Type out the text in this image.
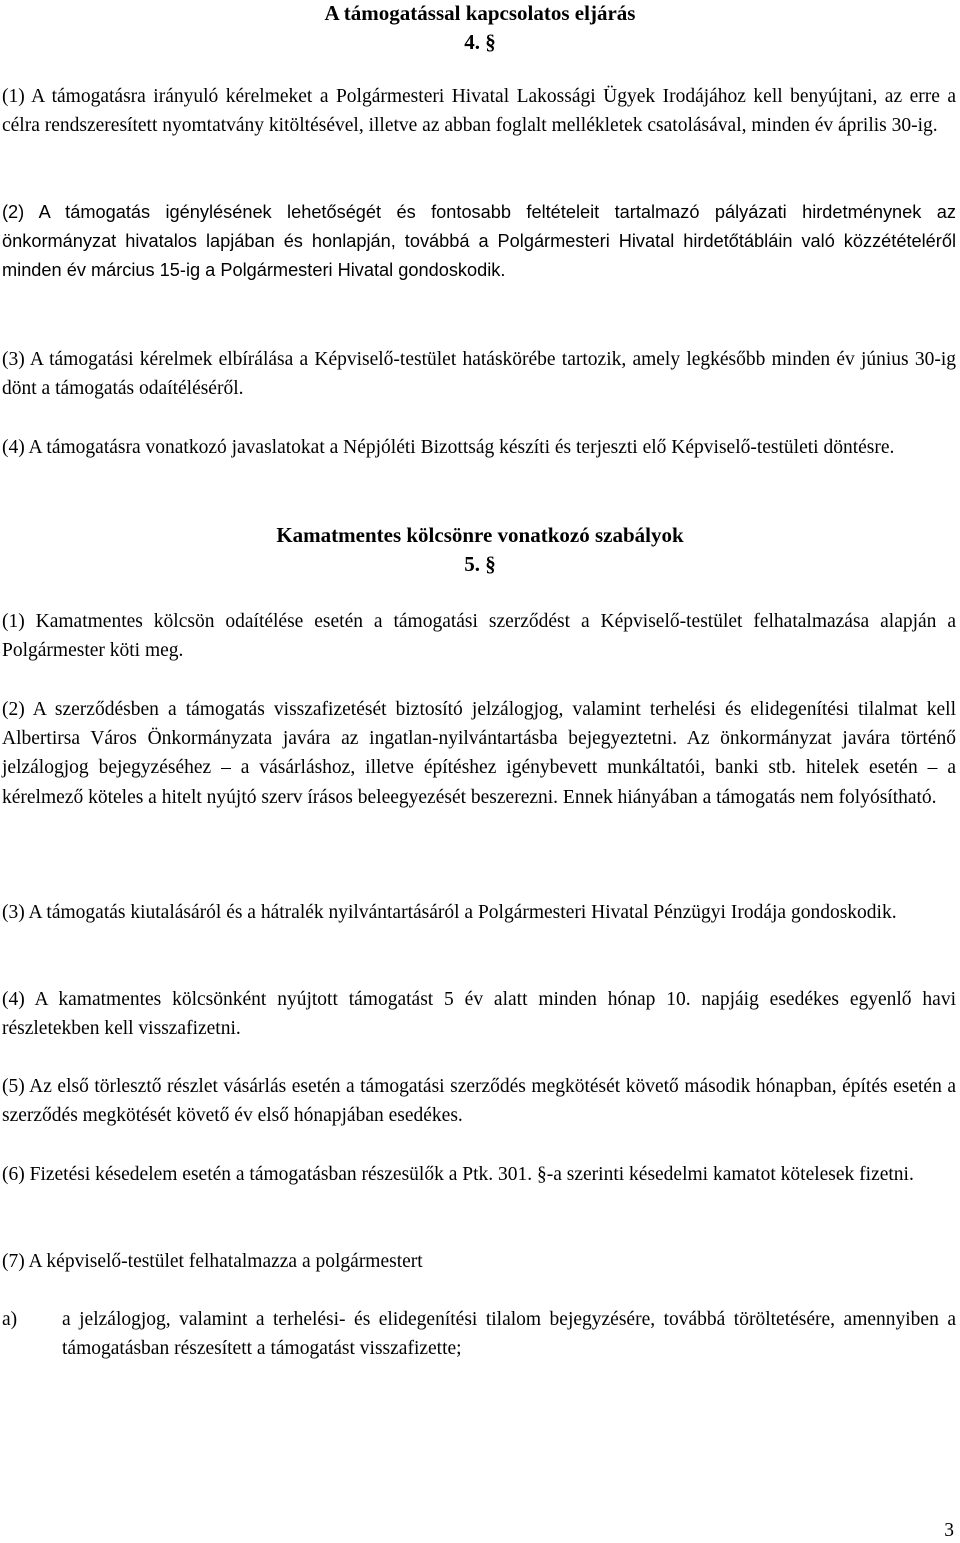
A támogatással kapcsolatos eljárás
4. §

(1) A támogatásra irányuló kérelmeket a Polgármesteri Hivatal Lakossági Ügyek Irodájához kell benyújtani, az erre a célra rendszeresített nyomtatvány kitöltésével, illetve az abban foglalt mellékletek csatolásával, minden év április 30-ig.

(2) A támogatás igénylésének lehetőségét és fontosabb feltételeit tartalmazó pályázati hirdetménynek az önkormányzat hivatalos lapjában és honlapján, továbbá a Polgármesteri Hivatal hirdetőtábláin való közzétételéről minden év március 15-ig a Polgármesteri Hivatal gondoskodik.

(3) A támogatási kérelmek elbírálása a Képviselő-testület hatáskörébe tartozik, amely legkésőbb minden év június 30-ig dönt a támogatás odaítéléséről.

(4) A támogatásra vonatkozó javaslatokat a Népjóléti Bizottság készíti és terjeszti elő Képviselő-testületi döntésre.

Kamatmentes kölcsönre vonatkozó szabályok
5. §

(1) Kamatmentes kölcsön odaítélése esetén a támogatási szerződést a Képviselő-testület felhatalmazása alapján a Polgármester köti meg.

(2) A szerződésben a támogatás visszafizetését biztosító jelzálogjog, valamint terhelési és elidegenítési tilalmat kell Albertirsa Város Önkormányzata javára az ingatlan-nyilvántartásba bejegyeztetni. Az önkormányzat javára történő jelzálogjog bejegyzéséhez – a vásárláshoz, illetve építéshez igénybevett munkáltatói, banki stb. hitelek esetén – a kérelmező köteles a hitelt nyújtó szerv írásos beleegyezését beszerezni. Ennek hiányában a támogatás nem folyósítható.

(3) A támogatás kiutalásáról és a hátralék nyilvántartásáról a Polgármesteri Hivatal Pénzügyi Irodája gondoskodik.

(4) A kamatmentes kölcsönként nyújtott támogatást 5 év alatt minden hónap 10. napjáig esedékes egyenlő havi részletekben kell visszafizetni.

(5) Az első törlesztő részlet vásárlás esetén a támogatási szerződés megkötését követő második hónapban, építés esetén a szerződés megkötését követő év első hónapjában esedékes.

(6) Fizetési késedelem esetén a támogatásban részesülők a Ptk. 301. §-a szerinti késedelmi kamatot kötelesek fizetni.

(7) A képviselő-testület felhatalmazza a polgármestert

a) a jelzálogjog, valamint a terhelési- és elidegenítési tilalom bejegyzésére, továbbá töröltetésére, amennyiben a támogatásban részesített a támogatást visszafizette;
3
